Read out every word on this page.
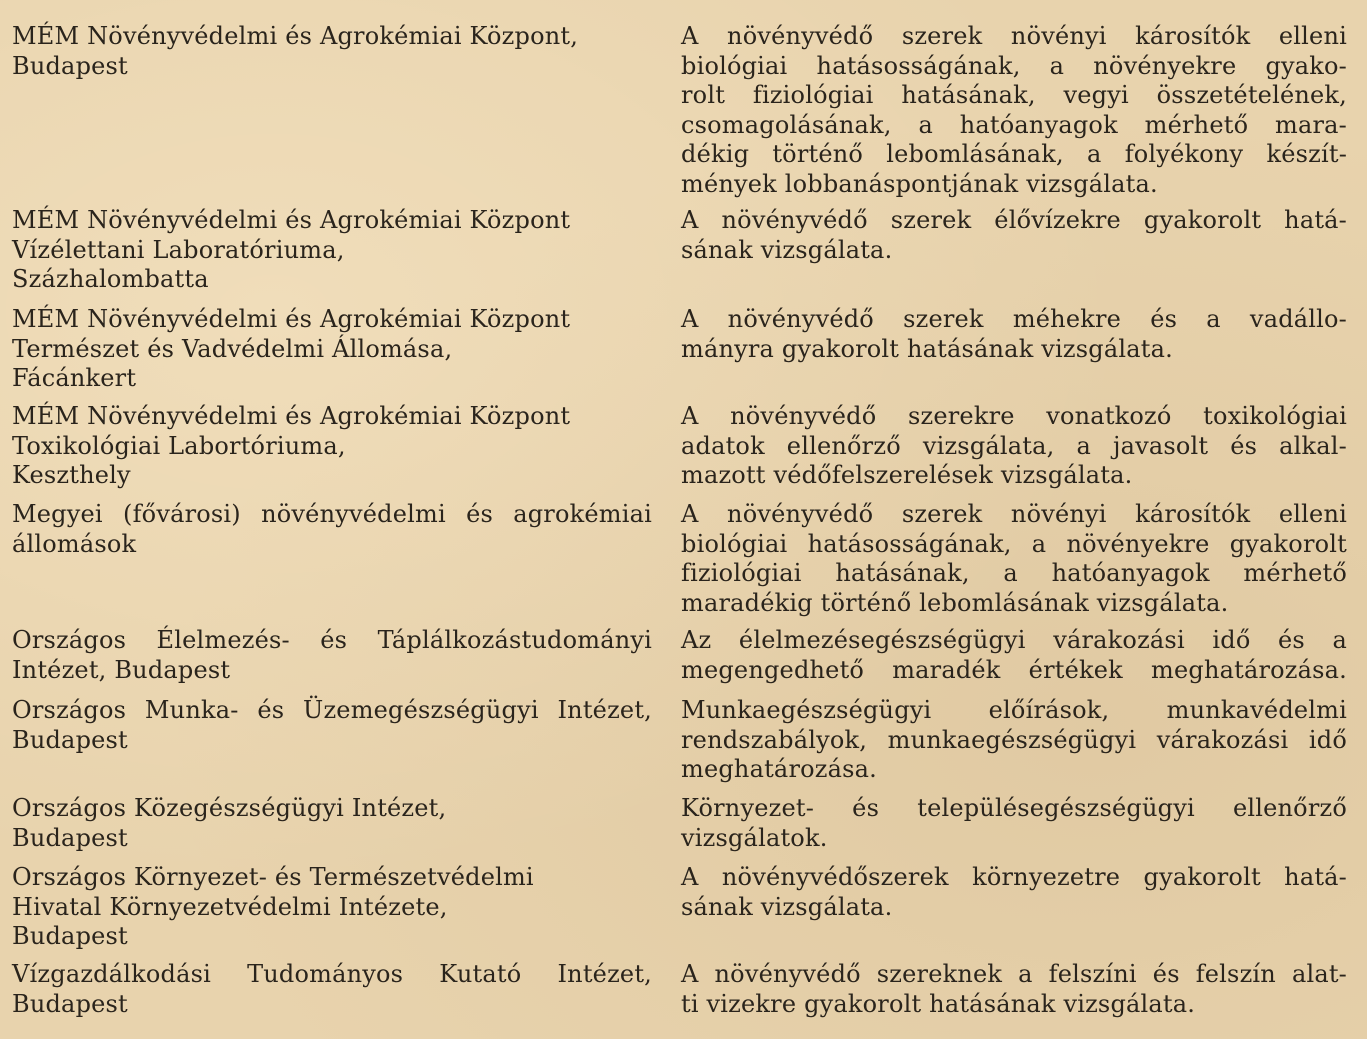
MÉM Növényvédelmi és Agrokémiai Központ,
Budapest
A növényvédő szerek növényi károsítók elleni
biológiai hatásosságának, a növényekre gyako-
rolt fiziológiai hatásának, vegyi összetételének,
csomagolásának, a hatóanyagok mérhető mara-
dékig történő lebomlásának, a folyékony készít-
mények lobbanáspontjának vizsgálata.
MÉM Növényvédelmi és Agrokémiai Központ
Vízélettani Laboratóriuma,
Százhalombatta
A növényvédő szerek élővízekre gyakorolt hatá-
sának vizsgálata.
MÉM Növényvédelmi és Agrokémiai Központ
Természet és Vadvédelmi Állomása,
Fácánkert
A növényvédő szerek méhekre és a vadállo-
mányra gyakorolt hatásának vizsgálata.
MÉM Növényvédelmi és Agrokémiai Központ
Toxikológiai Labortóriuma,
Keszthely
A növényvédő szerekre vonatkozó toxikológiai
adatok ellenőrző vizsgálata, a javasolt és alkal-
mazott védőfelszerelések vizsgálata.
Megyei (fővárosi) növényvédelmi és agrokémiai
állomások
A növényvédő szerek növényi károsítók elleni
biológiai hatásosságának, a növényekre gyakorolt
fiziológiai hatásának, a hatóanyagok mérhető
maradékig történő lebomlásának vizsgálata.
Országos Élelmezés- és Táplálkozástudományi
Intézet, Budapest
Az élelmezésegészségügyi várakozási idő és a
megengedhető maradék értékek meghatározása.
Országos Munka- és Üzemegészségügyi Intézet,
Budapest
Munkaegészségügyi előírások, munkavédelmi
rendszabályok, munkaegészségügyi várakozási idő
meghatározása.
Országos Közegészségügyi Intézet,
Budapest
Környezet- és településegészségügyi ellenőrző
vizsgálatok.
Országos Környezet- és Természetvédelmi
Hivatal Környezetvédelmi Intézete,
Budapest
A növényvédőszerek környezetre gyakorolt hatá-
sának vizsgálata.
Vízgazdálkodási Tudományos Kutató Intézet,
Budapest
A növényvédő szereknek a felszíni és felszín alat-
ti vizekre gyakorolt hatásának vizsgálata.
